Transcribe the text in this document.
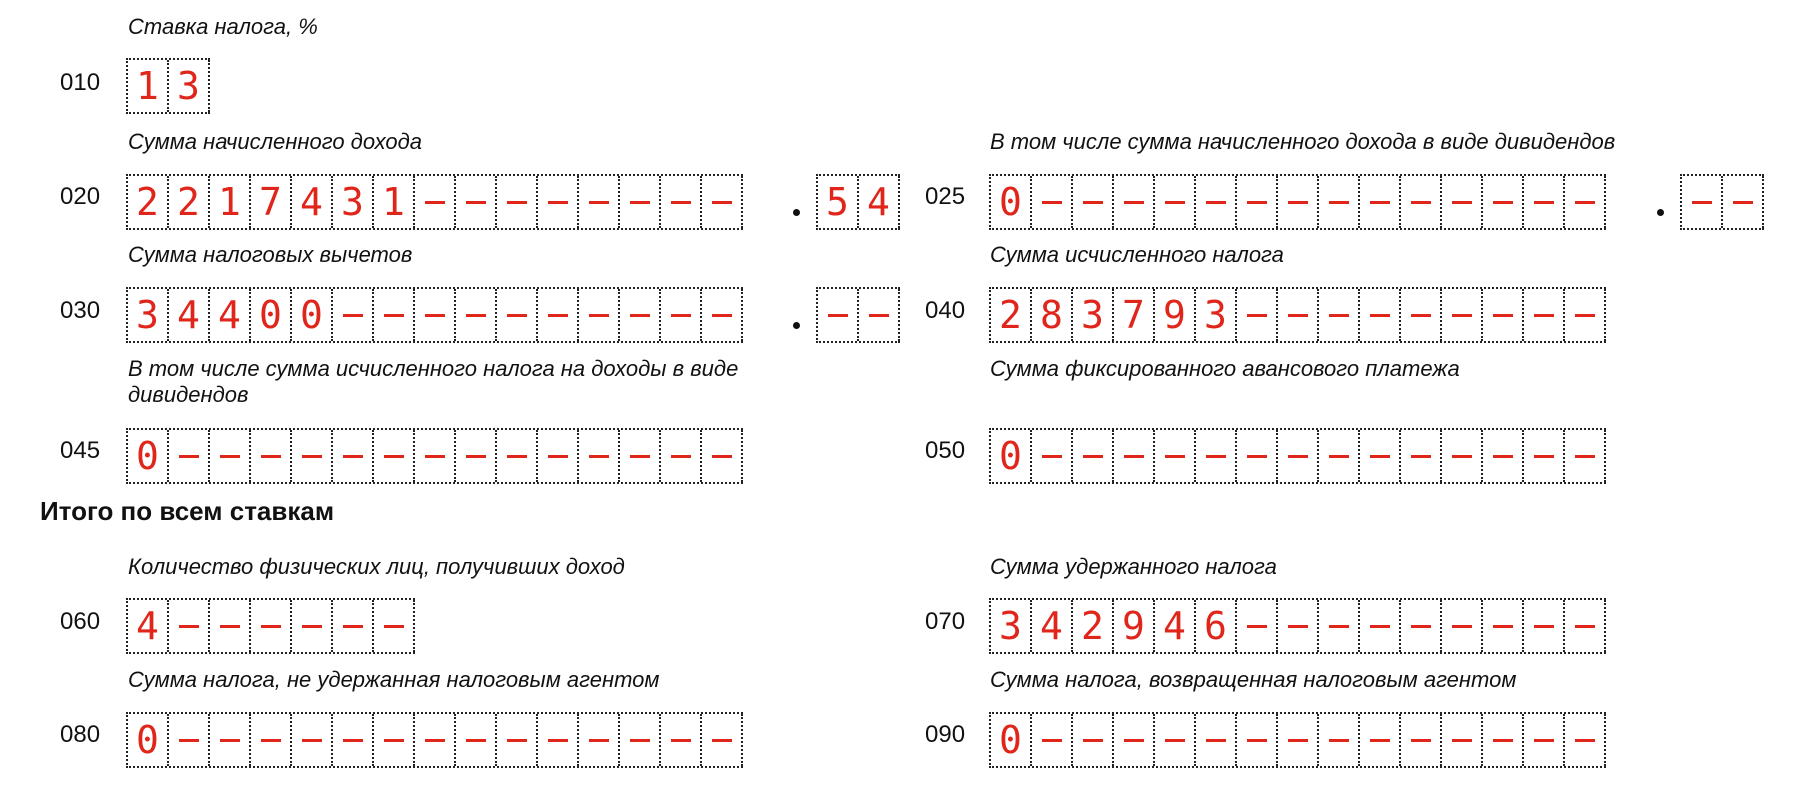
Ставка налога, %
010 1 3
Сумма начисленного дохода
020 2 2 1 7 4 3 1	5 4
В том числе сумма начисленного дохода в виде дивидендов
025 0
Сумма налоговых вычетов
030 3 4 4 0 0
Сумма исчисленного налога
040 2 8 3 7 9 3
В том числе сумма исчисленного налога на доходы в виде дивидендов
045 0
Сумма фиксированного авансового платежа
050 0
Итого по всем ставкам
Количество физических лиц, получивших доход
060 4
Сумма удержанного налога
070 3 4 2 9 4 6
Сумма налога, не удержанная налоговым агентом
080 0
Сумма налога, возвращенная налоговым агентом
090 0
